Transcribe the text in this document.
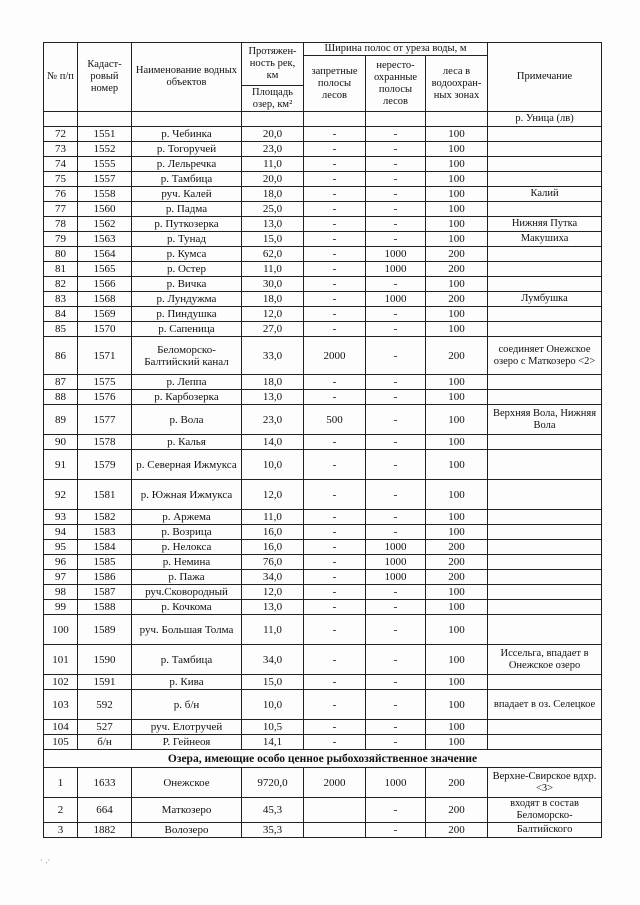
№ п/п	Кадаст-ровый номер	Наименование водных объектов	Протяжен-ность рек, км	Ширина полос от уреза воды, м			Примечание
				запретные полосы лесов	нересто-охранные полосы лесов	леса в водоохран-ных зонах	
			Площадь озер, км²				
							р. Уница (лв)
72	1551	р. Чебинка	20,0	-	-	100	
73	1552	р. Тогоручей	23,0	-	-	100	
74	1555	р. Лельречка	11,0	-	-	100	
75	1557	р. Тамбица	20,0	-	-	100	
76	1558	руч. Калей	18,0	-	-	100	Калий
77	1560	р. Падма	25,0	-	-	100	
78	1562	р. Путкозерка	13,0	-	-	100	Нижняя Путка
79	1563	р. Тунад	15,0	-	-	100	Макушиха
80	1564	р. Кумса	62,0	-	1000	200	
81	1565	р. Остер	11,0	-	1000	200	
82	1566	р. Вичка	30,0	-	-	100	
83	1568	р. Лундужма	18,0	-	1000	200	Лумбушка
84	1569	р. Пиндушка	12,0	-	-	100	
85	1570	р. Сапеница	27,0	-	-	100	
86	1571	Беломорско-Балтийский канал	33,0	2000	-	200	соединяет Онежское озеро с Маткозеро <2>
87	1575	р. Леппа	18,0	-	-	100	
88	1576	р. Карбозерка	13,0	-	-	100	
89	1577	р. Вола	23,0	500	-	100	Верхняя Вола, Нижняя Вола
90	1578	р. Калья	14,0	-	-	100	
91	1579	р. Северная Ижмукса	10,0	-	-	100	
92	1581	р. Южная Ижмукса	12,0	-	-	100	
93	1582	р. Аржема	11,0	-	-	100	
94	1583	р. Возрица	16,0	-	-	100	
95	1584	р. Нелокса	16,0	-	1000	200	
96	1585	р. Немина	76,0	-	1000	200	
97	1586	р. Пажа	34,0	-	1000	200	
98	1587	руч.Сковородный	12,0	-	-	100	
99	1588	р. Кочкома	13,0	-	-	100	
100	1589	руч. Большая Толма	11,0	-	-	100	
101	1590	р. Тамбица	34,0	-	-	100	Иссельга, впадает в Онежское озеро
102	1591	р. Кива	15,0	-	-	100	
103	592	р. б/н	10,0	-	-	100	впадает в оз. Селецкое
104	527	руч. Елотручей	10,5	-	-	100	
105	б/н	Р. Гейнеоя	14,1	-	-	100	
Озера, имеющие особо ценное рыбохозяйственное значение							
1	1633	Онежское	9720,0	2000	1000	200	Верхне-Свирское вдхр. <3>
2	664	Маткозеро	45,3		-	200	входят в состав Беломорско-
3	1882	Волозеро	35,3		-	200	Балтийского
· .·
